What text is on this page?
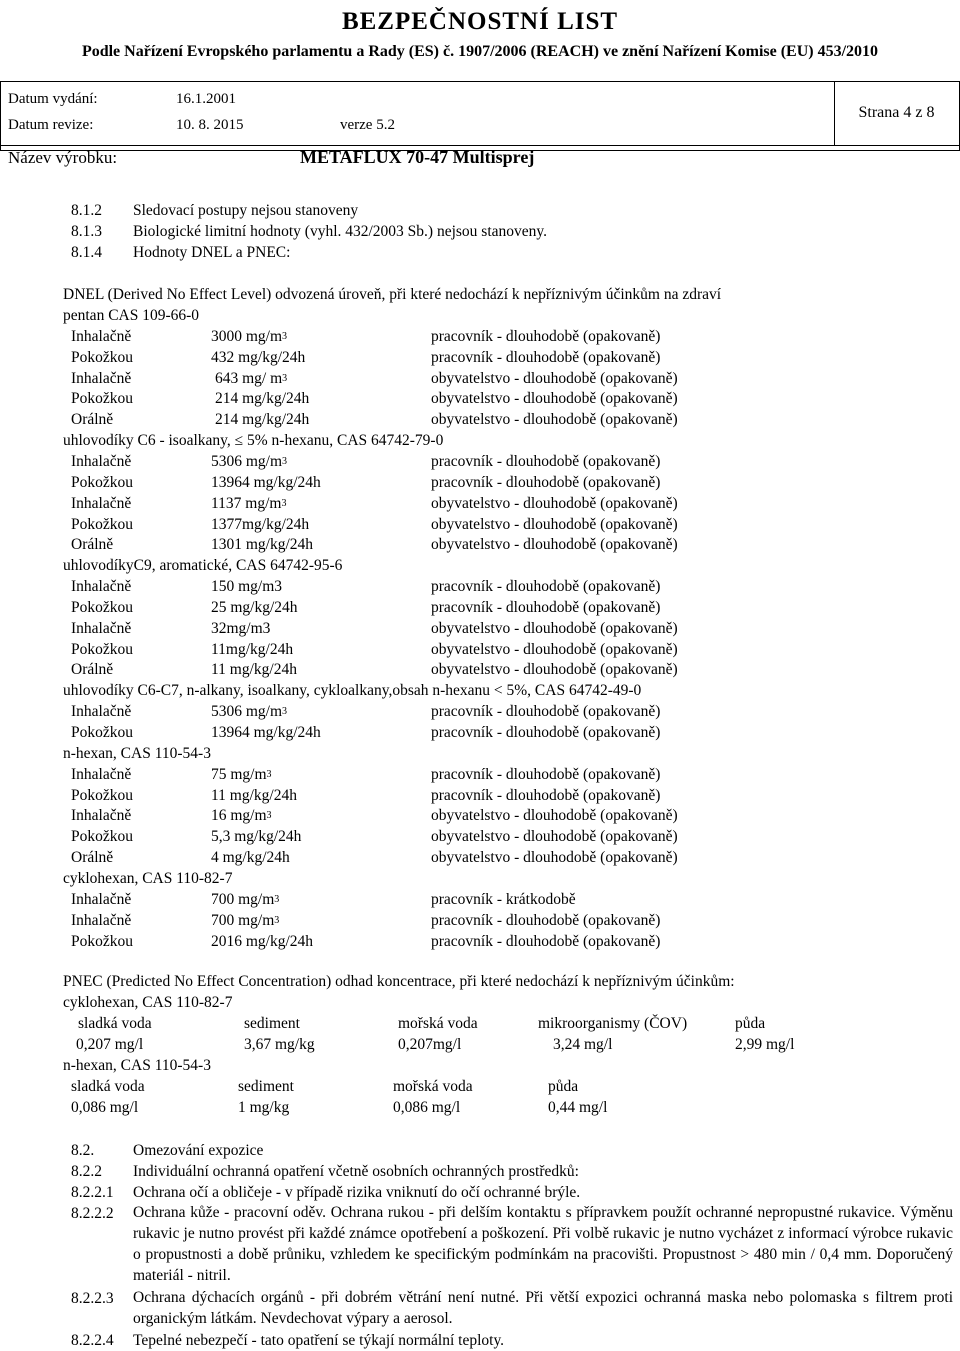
BEZPEČNOSTNÍ LIST
Podle Nařízení Evropského parlamentu a Rady (ES) č. 1907/2006 (REACH) ve znění Nařízení Komise (EU) 453/2010
Datum vydání:	16.1.2001
Datum revize:	10. 8. 2015	verze 5.2
Strana 4 z 8
Název výrobku:	METAFLUX 70-47 Multisprej
8.1.2 Sledovací postupy nejsou stanoveny
8.1.3 Biologické limitní hodnoty (vyhl. 432/2003 Sb.) nejsou stanoveny.
8.1.4 Hodnoty DNEL a PNEC:
DNEL (Derived No Effect Level) odvozená úroveň, při které nedochází k nepříznivým účinkům na zdraví
pentan CAS 109-66-0
Inhalačně	3000 $mg/m^3$	pracovník - dlouhodobě (opakovaně)
Pokožkou	432 mg/kg/24h	pracovník - dlouhodobě (opakovaně)
Inhalačně	643 mg/ $m^3$	obyvatelstvo - dlouhodobě (opakovaně)
Pokožkou	214 mg/kg/24h	obyvatelstvo - dlouhodobě (opakovaně)
Orálně	214 mg/kg/24h	obyvatelstvo - dlouhodobě (opakovaně)
uhlovodíky C6 - isoalkany, ≤ 5% n-hexanu, CAS 64742-79-0
Inhalačně	5306 $mg/m^3$	pracovník - dlouhodobě (opakovaně)
Pokožkou	13964 mg/kg/24h	pracovník - dlouhodobě (opakovaně)
Inhalačně	1137 $mg/m^3$	obyvatelstvo - dlouhodobě (opakovaně)
Pokožkou	1377mg/kg/24h	obyvatelstvo - dlouhodobě (opakovaně)
Orálně	1301 mg/kg/24h	obyvatelstvo - dlouhodobě (opakovaně)
uhlovodíkyC9, aromatické, CAS 64742-95-6
Inhalačně	150 mg/m3	pracovník - dlouhodobě (opakovaně)
Pokožkou	25 mg/kg/24h	pracovník - dlouhodobě (opakovaně)
Inhalačně	32mg/m3	obyvatelstvo - dlouhodobě (opakovaně)
Pokožkou	11mg/kg/24h	obyvatelstvo - dlouhodobě (opakovaně)
Orálně	11 mg/kg/24h	obyvatelstvo - dlouhodobě (opakovaně)
uhlovodíky C6-C7, n-alkany, isoalkany, cykloalkany,obsah n-hexanu < 5%, CAS 64742-49-0
Inhalačně	5306 $mg/m^3$	pracovník - dlouhodobě (opakovaně)
Pokožkou	13964 mg/kg/24h	pracovník - dlouhodobě (opakovaně)
n-hexan, CAS 110-54-3
Inhalačně	75 $mg/m^3$	pracovník - dlouhodobě (opakovaně)
Pokožkou	11 mg/kg/24h	pracovník - dlouhodobě (opakovaně)
Inhalačně	16 $mg/m^3$	obyvatelstvo - dlouhodobě (opakovaně)
Pokožkou	5,3 mg/kg/24h	obyvatelstvo - dlouhodobě (opakovaně)
Orálně	4 mg/kg/24h	obyvatelstvo - dlouhodobě (opakovaně)
cyklohexan, CAS 110-82-7
Inhalačně	700 $mg/m^3$	pracovník - krátkodobě
Inhalačně	700 $mg/m^3$	pracovník - dlouhodobě (opakovaně)
Pokožkou	2016 mg/kg/24h	pracovník - dlouhodobě (opakovaně)
PNEC (Predicted No Effect Concentration) odhad koncentrace, při které nedochází k nepříznivým účinkům:
cyklohexan, CAS 110-82-7
sladká voda	sediment	mořská voda	mikroorganismy (ČOV)	půda
0,207 mg/l	3,67 mg/kg	0,207mg/l	3,24 mg/l	2,99 mg/l
n-hexan, CAS 110-54-3
sladká voda	sediment	mořská voda	půda
0,086 mg/l	1 mg/kg	0,086 mg/l	0,44 mg/l
8.2.	Omezování expozice
8.2.2 Individuální ochranná opatření včetně osobních ochranných prostředků:
8.2.2.1 Ochrana očí a obličeje - v případě rizika vniknutí do očí ochranné brýle.
8.2.2.2 Ochrana kůže - pracovní oděv. Ochrana rukou - při delším kontaktu s přípravkem použít ochranné nepropustné rukavice. Výměnu rukavic je nutno provést při každé známce opotřebení a poškození. Při volbě rukavic je nutno vycházet z informací výrobce rukavic o propustnosti a době průniku, vzhledem ke specifickým podmínkám na pracovišti. Propustnost > 480 min / 0,4 mm. Doporučený materiál - nitril.
8.2.2.3 Ochrana dýchacích orgánů - při dobrém větrání není nutné. Při větší expozici ochranná maska nebo polomaska s filtrem proti organickým látkám. Nevdechovat výpary a aerosol.
8.2.2.4 Tepelné nebezpečí - tato opatření se týkají normální teploty.
